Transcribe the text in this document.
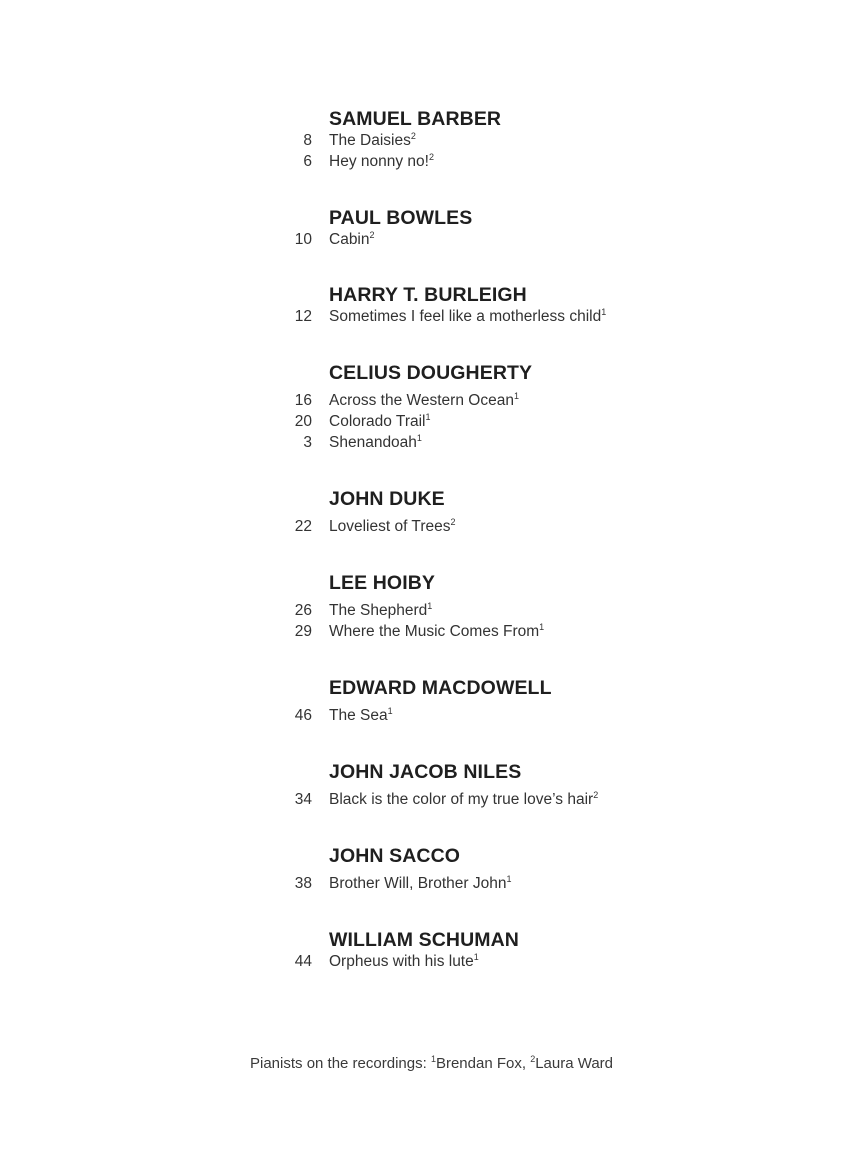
SAMUEL BARBER
8 The Daisies$^2$
6 Hey nonny no!$^2$
PAUL BOWLES
10 Cabin$^2$
HARRY T. BURLEIGH
12 Sometimes I feel like a motherless child$^1$
CELIUS DOUGHERTY
16 Across the Western Ocean$^1$
20 Colorado Trail$^1$
3 Shenandoah$^1$
JOHN DUKE
22 Loveliest of Trees$^2$
LEE HOIBY
26 The Shepherd$^1$
29 Where the Music Comes From$^1$
EDWARD MACDOWELL
46 The Sea$^1$
JOHN JACOB NILES
34 Black is the color of my true love’s hair$^2$
JOHN SACCO
38 Brother Will, Brother John$^1$
WILLIAM SCHUMAN
44 Orpheus with his lute$^1$
Pianists on the recordings: $^1$Brendan Fox, $^2$Laura Ward
